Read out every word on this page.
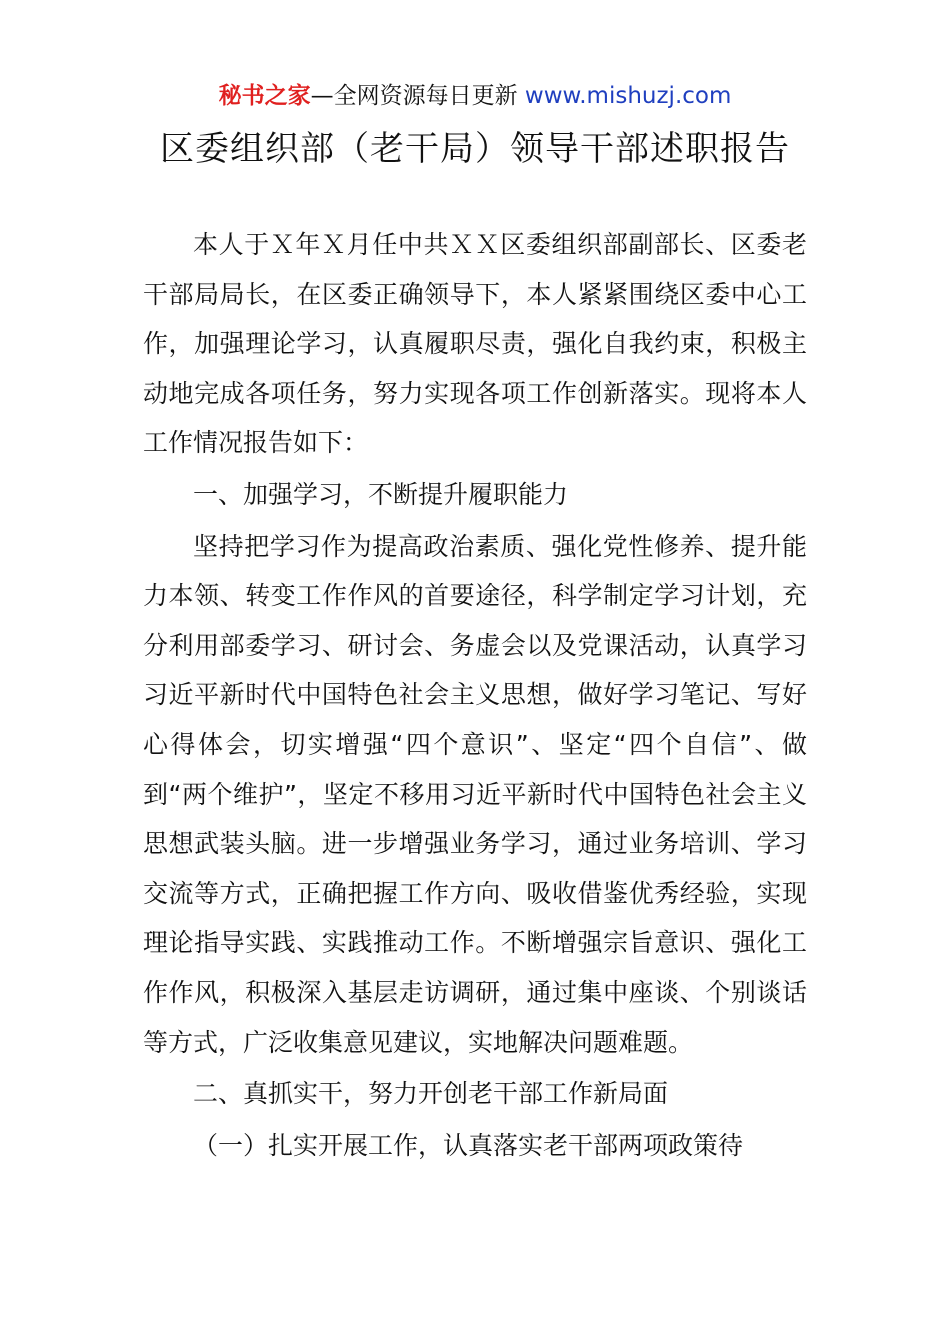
秘书之家—全网资源每日更新 www.mishuzj.com
区委组织部（老干局）领导干部述职报告

本人于Ｘ年Ｘ月任中共ＸＸ区委组织部副部长、区委老干部局局长，在区委正确领导下，本人紧紧围绕区委中心工作，加强理论学习，认真履职尽责，强化自我约束，积极主动地完成各项任务，努力实现各项工作创新落实。现将本人工作情况报告如下：

一、加强学习，不断提升履职能力

坚持把学习作为提高政治素质、强化党性修养、提升能力本领、转变工作作风的首要途径，科学制定学习计划，充分利用部委学习、研讨会、务虚会以及党课活动，认真学习习近平新时代中国特色社会主义思想，做好学习笔记、写好心得体会，切实增强“四个意识”、坚定“四个自信”、做到“两个维护”，坚定不移用习近平新时代中国特色社会主义思想武装头脑。进一步增强业务学习，通过业务培训、学习交流等方式，正确把握工作方向、吸收借鉴优秀经验，实现理论指导实践、实践推动工作。不断增强宗旨意识、强化工作作风，积极深入基层走访调研，通过集中座谈、个别谈话等方式，广泛收集意见建议，实地解决问题难题。

二、真抓实干，努力开创老干部工作新局面

（一）扎实开展工作，认真落实老干部两项政策待
